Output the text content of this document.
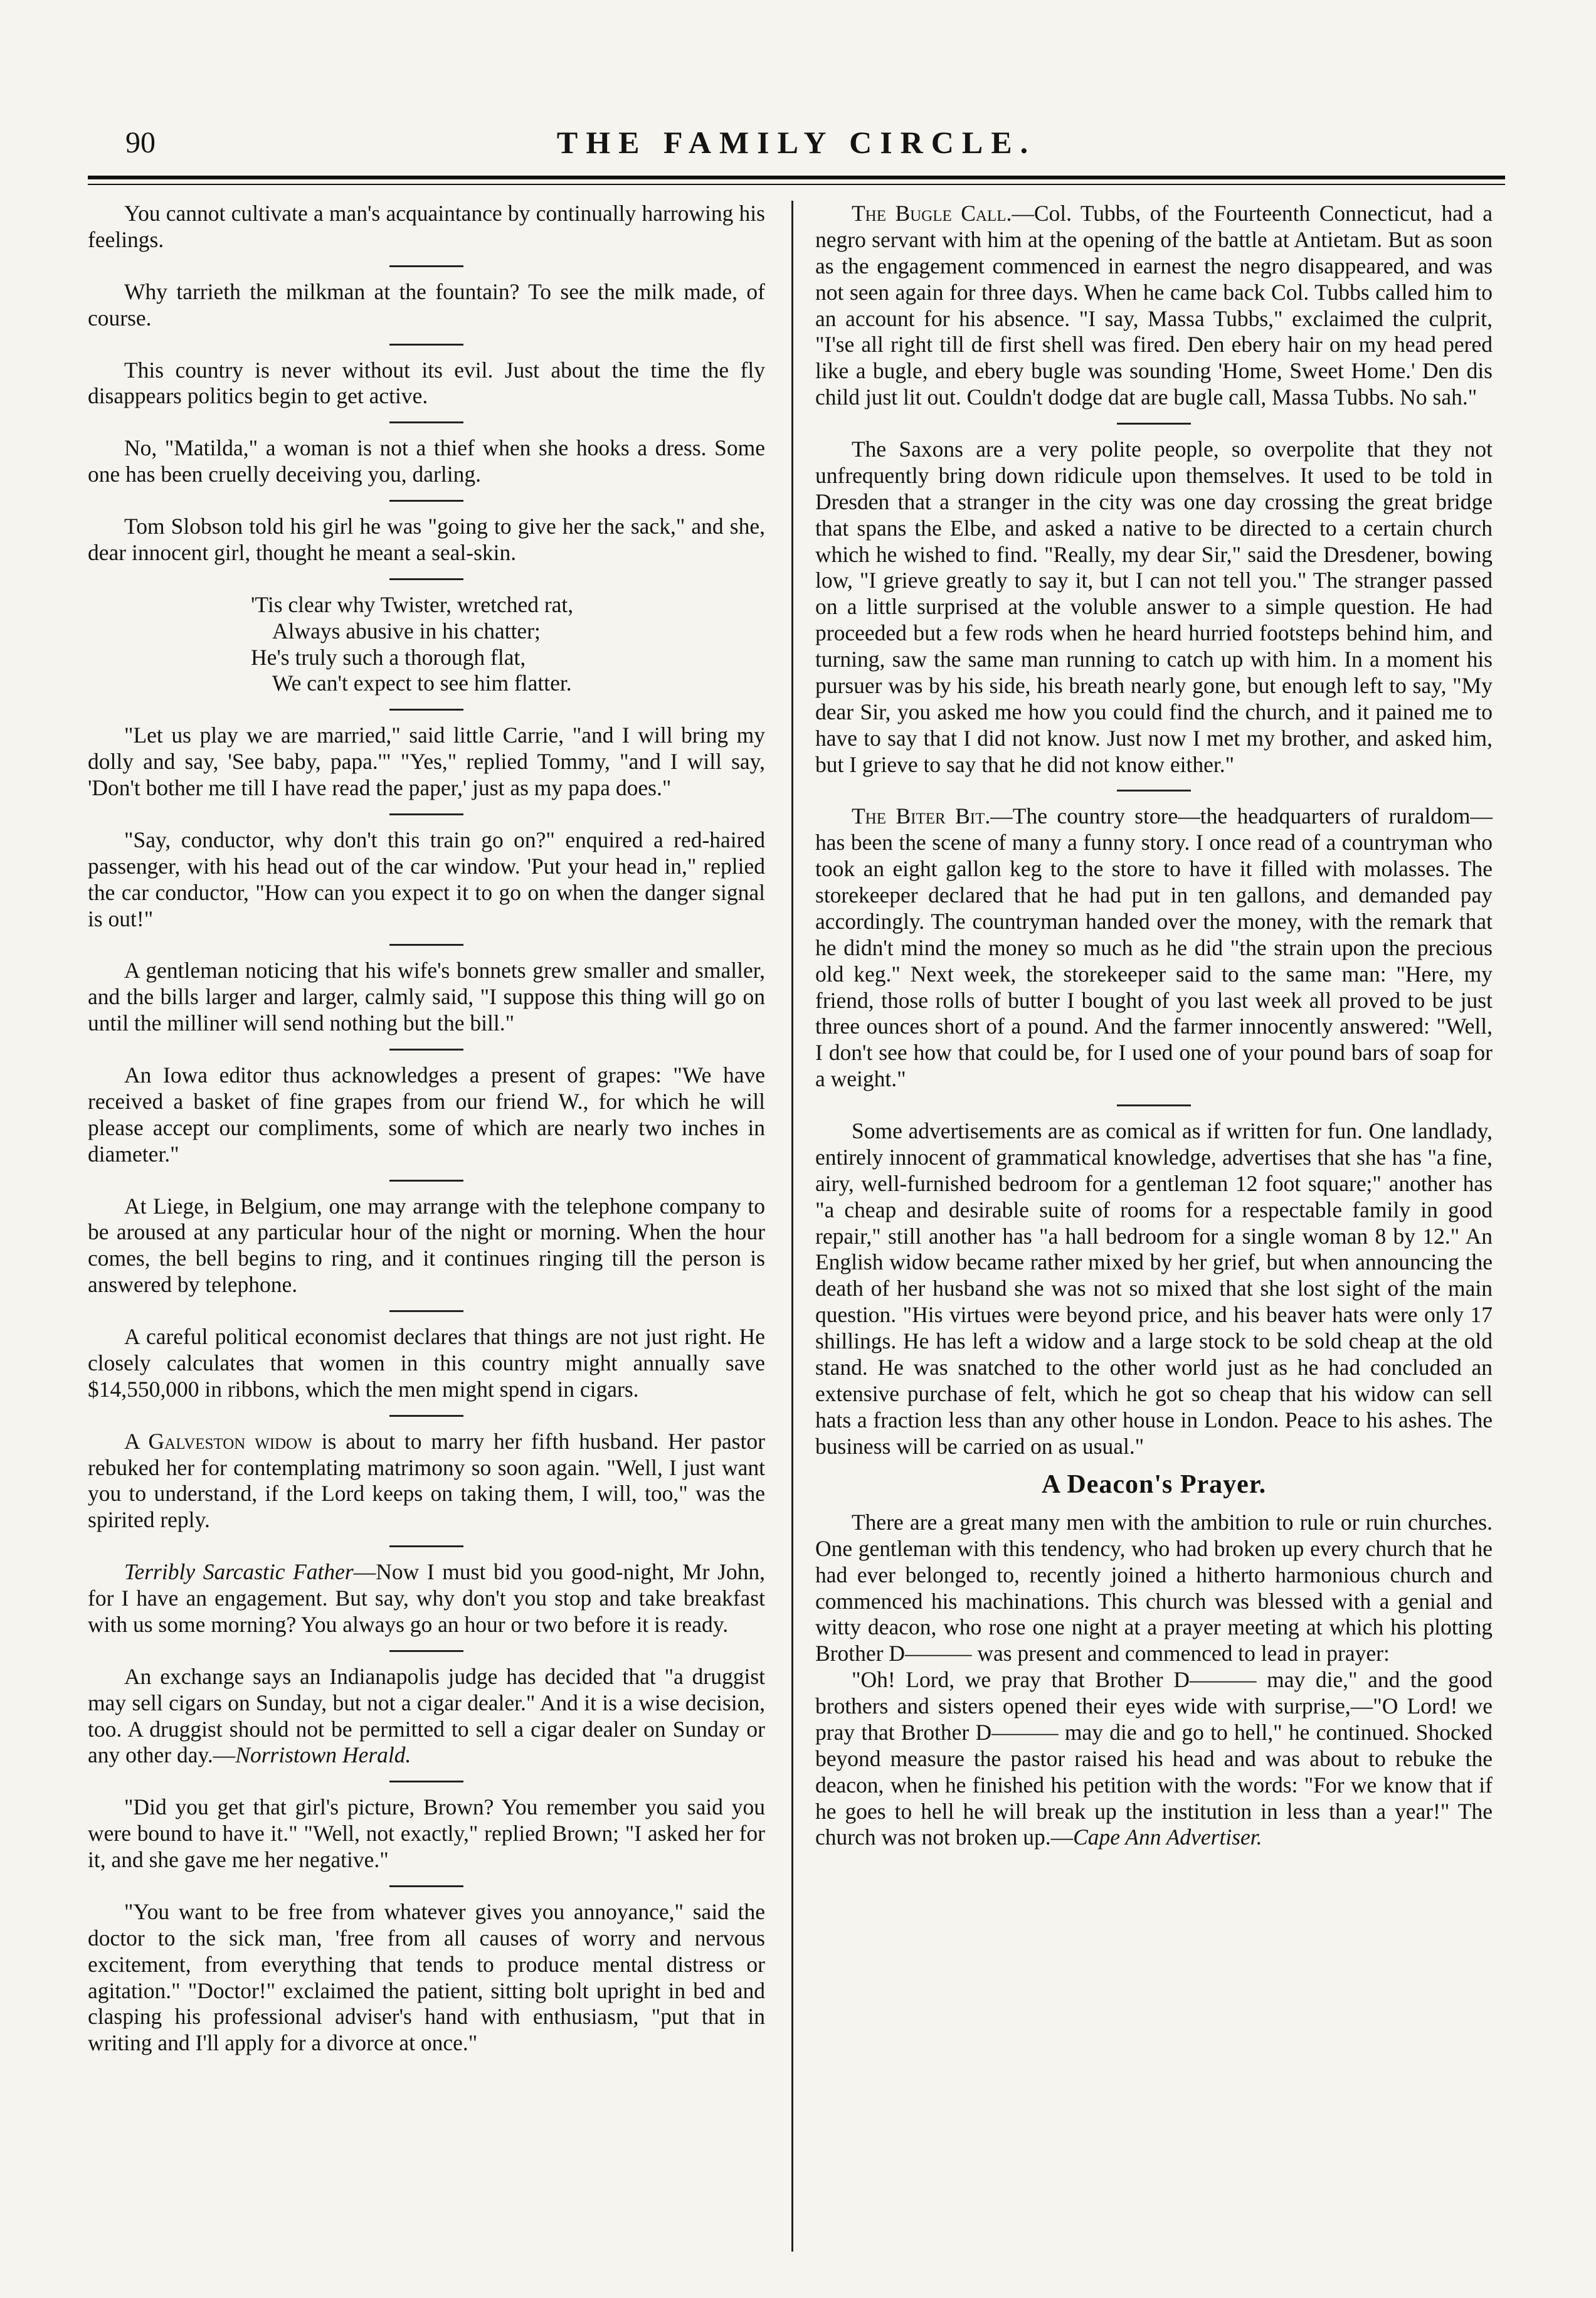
90	THE FAMILY CIRCLE.

You cannot cultivate a man's acquaintance by continually harrowing his feelings.

Why tarrieth the milkman at the fountain? To see the milk made, of course.

This country is never without its evil. Just about the time the fly disappears politics begin to get active.

No, "Matilda," a woman is not a thief when she hooks a dress. Some one has been cruelly deceiving you, darling.

Tom Slobson told his girl he was "going to give her the sack," and she, dear innocent girl, thought he meant a seal-skin.

'Tis clear why Twister, wretched rat,
Always abusive in his chatter;
He's truly such a thorough flat,
We can't expect to see him flatter.

"Let us play we are married," said little Carrie, "and I will bring my dolly and say, 'See baby, papa.'" "Yes," replied Tommy, "and I will say, 'Don't bother me till I have read the paper,' just as my papa does."

"Say, conductor, why don't this train go on?" enquired a red-haired passenger, with his head out of the car window. 'Put your head in," replied the car conductor, "How can you expect it to go on when the danger signal is out!"

A gentleman noticing that his wife's bonnets grew smaller and smaller, and the bills larger and larger, calmly said, "I suppose this thing will go on until the milliner will send nothing but the bill."

An Iowa editor thus acknowledges a present of grapes: "We have received a basket of fine grapes from our friend W., for which he will please accept our compliments, some of which are nearly two inches in diameter."

At Liege, in Belgium, one may arrange with the telephone company to be aroused at any particular hour of the night or morning. When the hour comes, the bell begins to ring, and it continues ringing till the person is answered by telephone.

A careful political economist declares that things are not just right. He closely calculates that women in this country might annually save $14,550,000 in ribbons, which the men might spend in cigars.

A Galveston widow is about to marry her fifth husband. Her pastor rebuked her for contemplating matrimony so soon again. "Well, I just want you to understand, if the Lord keeps on taking them, I will, too," was the spirited reply.

Terribly Sarcastic Father—Now I must bid you good-night, Mr John, for I have an engagement. But say, why don't you stop and take breakfast with us some morning? You always go an hour or two before it is ready.

An exchange says an Indianapolis judge has decided that "a druggist may sell cigars on Sunday, but not a cigar dealer." And it is a wise decision, too. A druggist should not be permitted to sell a cigar dealer on Sunday or any other day.—Norristown Herald.

"Did you get that girl's picture, Brown? You remember you said you were bound to have it." "Well, not exactly," replied Brown; "I asked her for it, and she gave me her negative."

"You want to be free from whatever gives you annoyance," said the doctor to the sick man, 'free from all causes of worry and nervous excitement, from everything that tends to produce mental distress or agitation." "Doctor!" exclaimed the patient, sitting bolt upright in bed and clasping his professional adviser's hand with enthusiasm, "put that in writing and I'll apply for a divorce at once."

The Bugle Call.—Col. Tubbs, of the Fourteenth Connecticut, had a negro servant with him at the opening of the battle at Antietam. But as soon as the engagement commenced in earnest the negro disappeared, and was not seen again for three days. When he came back Col. Tubbs called him to an account for his absence. "I say, Massa Tubbs," exclaimed the culprit, "I'se all right till de first shell was fired. Den ebery hair on my head pered like a bugle, and ebery bugle was sounding 'Home, Sweet Home.' Den dis child just lit out. Couldn't dodge dat are bugle call, Massa Tubbs. No sah."

The Saxons are a very polite people, so overpolite that they not unfrequently bring down ridicule upon themselves. It used to be told in Dresden that a stranger in the city was one day crossing the great bridge that spans the Elbe, and asked a native to be directed to a certain church which he wished to find. "Really, my dear Sir," said the Dresdener, bowing low, "I grieve greatly to say it, but I can not tell you." The stranger passed on a little surprised at the voluble answer to a simple question. He had proceeded but a few rods when he heard hurried footsteps behind him, and turning, saw the same man running to catch up with him. In a moment his pursuer was by his side, his breath nearly gone, but enough left to say, "My dear Sir, you asked me how you could find the church, and it pained me to have to say that I did not know. Just now I met my brother, and asked him, but I grieve to say that he did not know either."

The Biter Bit.—The country store—the headquarters of ruraldom—has been the scene of many a funny story. I once read of a countryman who took an eight gallon keg to the store to have it filled with molasses. The storekeeper declared that he had put in ten gallons, and demanded pay accordingly. The countryman handed over the money, with the remark that he didn't mind the money so much as he did "the strain upon the precious old keg." Next week, the storekeeper said to the same man: "Here, my friend, those rolls of butter I bought of you last week all proved to be just three ounces short of a pound. And the farmer innocently answered: "Well, I don't see how that could be, for I used one of your pound bars of soap for a weight."

Some advertisements are as comical as if written for fun. One landlady, entirely innocent of grammatical knowledge, advertises that she has "a fine, airy, well-furnished bedroom for a gentleman 12 foot square;" another has "a cheap and desirable suite of rooms for a respectable family in good repair," still another has "a hall bedroom for a single woman 8 by 12." An English widow became rather mixed by her grief, but when announcing the death of her husband she was not so mixed that she lost sight of the main question. "His virtues were beyond price, and his beaver hats were only 17 shillings. He has left a widow and a large stock to be sold cheap at the old stand. He was snatched to the other world just as he had concluded an extensive purchase of felt, which he got so cheap that his widow can sell hats a fraction less than any other house in London. Peace to his ashes. The business will be carried on as usual."

A Deacon's Prayer.

There are a great many men with the ambition to rule or ruin churches. One gentleman with this tendency, who had broken up every church that he had ever belonged to, recently joined a hitherto harmonious church and commenced his machinations. This church was blessed with a genial and witty deacon, who rose one night at a prayer meeting at which his plotting Brother D——— was present and commenced to lead in prayer:

"Oh! Lord, we pray that Brother D——— may die," and the good brothers and sisters opened their eyes wide with surprise,—"O Lord! we pray that Brother D——— may die and go to hell," he continued. Shocked beyond measure the pastor raised his head and was about to rebuke the deacon, when he finished his petition with the words: "For we know that if he goes to hell he will break up the institution in less than a year!" The church was not broken up.—Cape Ann Advertiser.
